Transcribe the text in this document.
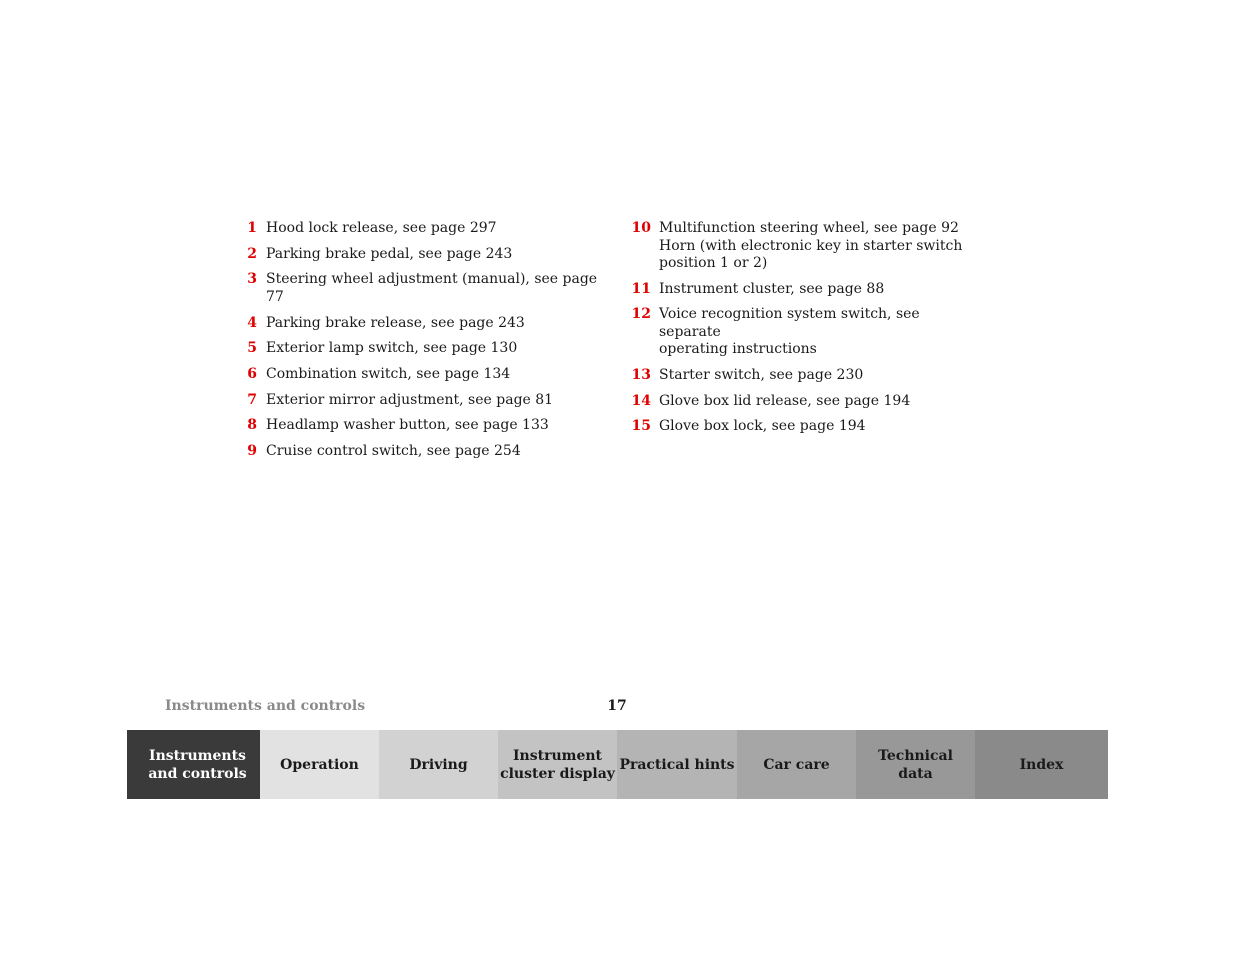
1 Hood lock release, see page 297
2 Parking brake pedal, see page 243
3 Steering wheel adjustment (manual), see page 77
4 Parking brake release, see page 243
5 Exterior lamp switch, see page 130
6 Combination switch, see page 134
7 Exterior mirror adjustment, see page 81
8 Headlamp washer button, see page 133
9 Cruise control switch, see page 254
10 Multifunction steering wheel, see page 92
Horn (with electronic key in starter switch
position 1 or 2)
11 Instrument cluster, see page 88
12 Voice recognition system switch, see separate
operating instructions
13 Starter switch, see page 230
14 Glove box lid release, see page 194
15 Glove box lock, see page 194
Instruments and controls	17
Instruments
and controls
Operation	Driving
Instrument
cluster display
Practical hints Car care
Technical
data
Index
